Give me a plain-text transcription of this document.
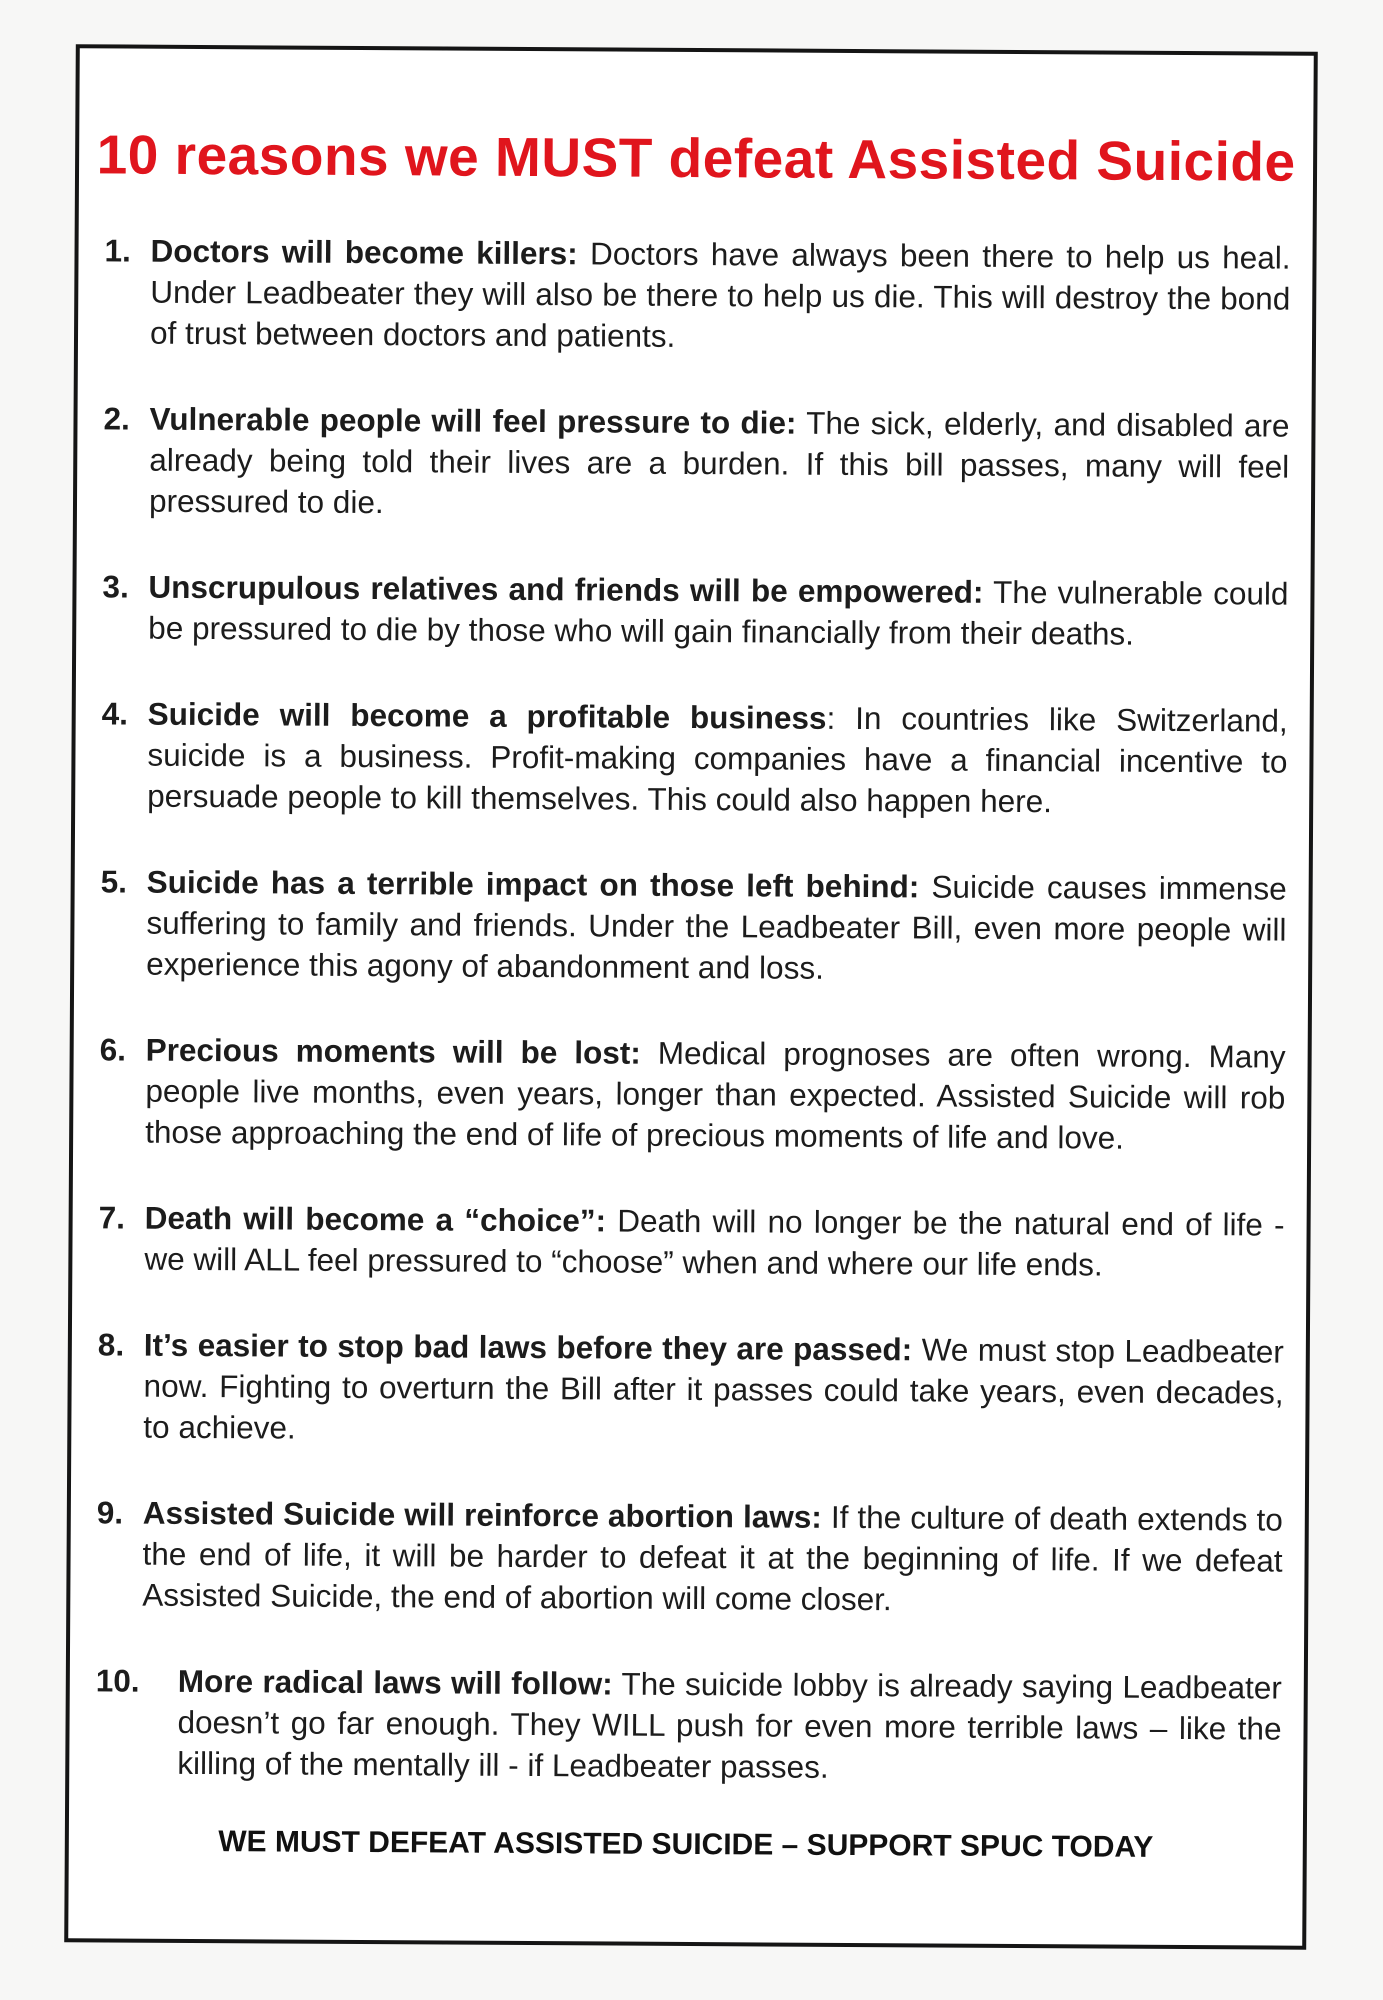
10 reasons we MUST defeat Assisted Suicide
1. Doctors will become killers: Doctors have always been there to help us heal. Under Leadbeater they will also be there to help us die. This will destroy the bond of trust between doctors and patients.
2. Vulnerable people will feel pressure to die: The sick, elderly, and disabled are already being told their lives are a burden. If this bill passes, many will feel pressured to die.
3. Unscrupulous relatives and friends will be empowered: The vulnerable could be pressured to die by those who will gain financially from their deaths.
4. Suicide will become a profitable business: In countries like Switzerland, suicide is a business. Profit-making companies have a financial incentive to persuade people to kill themselves. This could also happen here.
5. Suicide has a terrible impact on those left behind: Suicide causes immense suffering to family and friends. Under the Leadbeater Bill, even more people will experience this agony of abandonment and loss.
6. Precious moments will be lost: Medical prognoses are often wrong. Many people live months, even years, longer than expected. Assisted Suicide will rob those approaching the end of life of precious moments of life and love.
7. Death will become a “choice”: Death will no longer be the natural end of life - we will ALL feel pressured to “choose” when and where our life ends.
8. It’s easier to stop bad laws before they are passed: We must stop Leadbeater now. Fighting to overturn the Bill after it passes could take years, even decades, to achieve.
9. Assisted Suicide will reinforce abortion laws: If the culture of death extends to the end of life, it will be harder to defeat it at the beginning of life. If we defeat Assisted Suicide, the end of abortion will come closer.
10. More radical laws will follow: The suicide lobby is already saying Leadbeater doesn’t go far enough. They WILL push for even more terrible laws – like the killing of the mentally ill - if Leadbeater passes.

WE MUST DEFEAT ASSISTED SUICIDE – SUPPORT SPUC TODAY
